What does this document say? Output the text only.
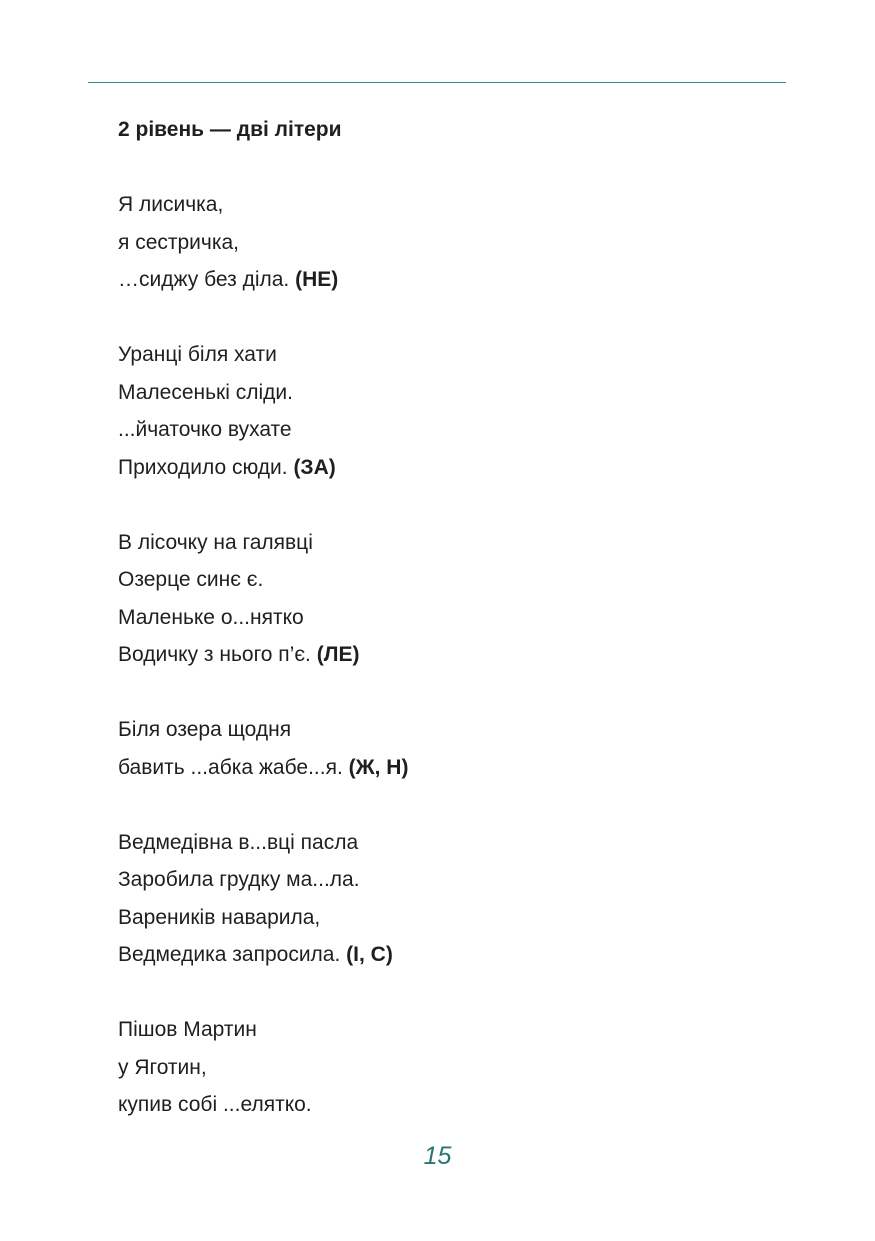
2 рівень — дві літери
Я лисичка,
я сестричка,
…сиджу без діла. (НЕ)
Уранці біля хати
Малесенькі сліди.
...йчаточко вухате
Приходило сюди. (ЗА)
В лісочку на галявці
Озерце синє є.
Маленьке о...нятко
Водичку з нього п’є. (ЛЕ)
Біля озера щодня
бавить ...абка жабе...я. (Ж, Н)
Ведмедівна в...вці пасла
Заробила грудку ма...ла.
Вареників наварила,
Ведмедика запросила. (І, С)
Пішов Мартин
у Яготин,
купив собі ...елятко.
15
